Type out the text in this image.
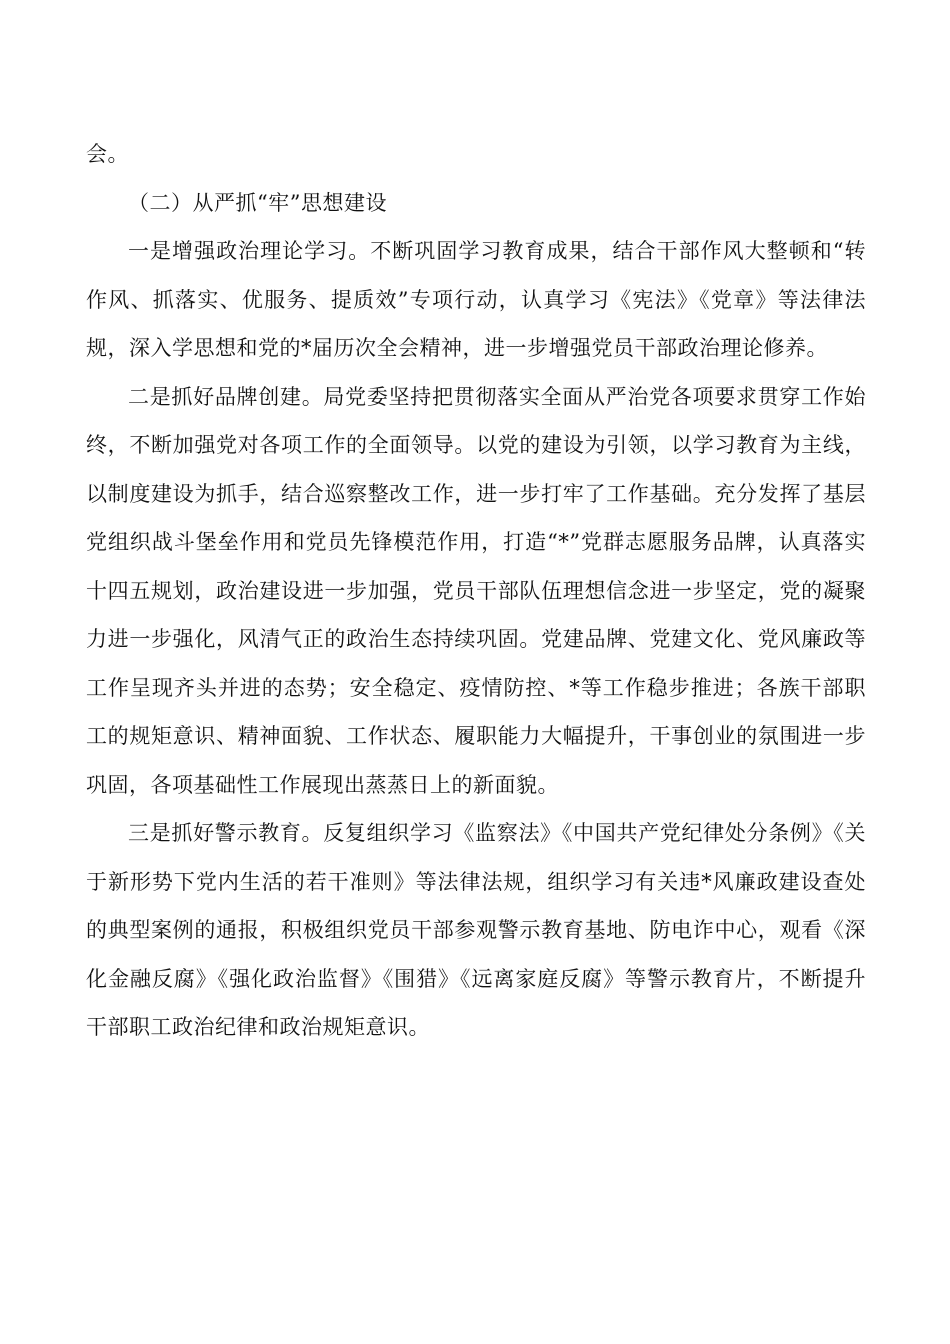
会。

（二）从严抓“牢”思想建设

一是增强政治理论学习。不断巩固学习教育成果，结合干部作风大整顿和“转作风、抓落实、优服务、提质效”专项行动，认真学习《宪法》《党章》等法律法规，深入学思想和党的*届历次全会精神，进一步增强党员干部政治理论修养。

二是抓好品牌创建。局党委坚持把贯彻落实全面从严治党各项要求贯穿工作始终，不断加强党对各项工作的全面领导。以党的建设为引领，以学习教育为主线，以制度建设为抓手，结合巡察整改工作，进一步打牢了工作基础。充分发挥了基层党组织战斗堡垒作用和党员先锋模范作用，打造“*”党群志愿服务品牌，认真落实十四五规划，政治建设进一步加强，党员干部队伍理想信念进一步坚定，党的凝聚力进一步强化，风清气正的政治生态持续巩固。党建品牌、党建文化、党风廉政等工作呈现齐头并进的态势；安全稳定、疫情防控、*等工作稳步推进；各族干部职工的规矩意识、精神面貌、工作状态、履职能力大幅提升，干事创业的氛围进一步巩固，各项基础性工作展现出蒸蒸日上的新面貌。

三是抓好警示教育。反复组织学习《监察法》《中国共产党纪律处分条例》《关于新形势下党内生活的若干准则》等法律法规，组织学习有关违*风廉政建设查处的典型案例的通报，积极组织党员干部参观警示教育基地、防电诈中心，观看《深化金融反腐》《强化政治监督》《围猎》《远离家庭反腐》等警示教育片，不断提升干部职工政治纪律和政治规矩意识。
